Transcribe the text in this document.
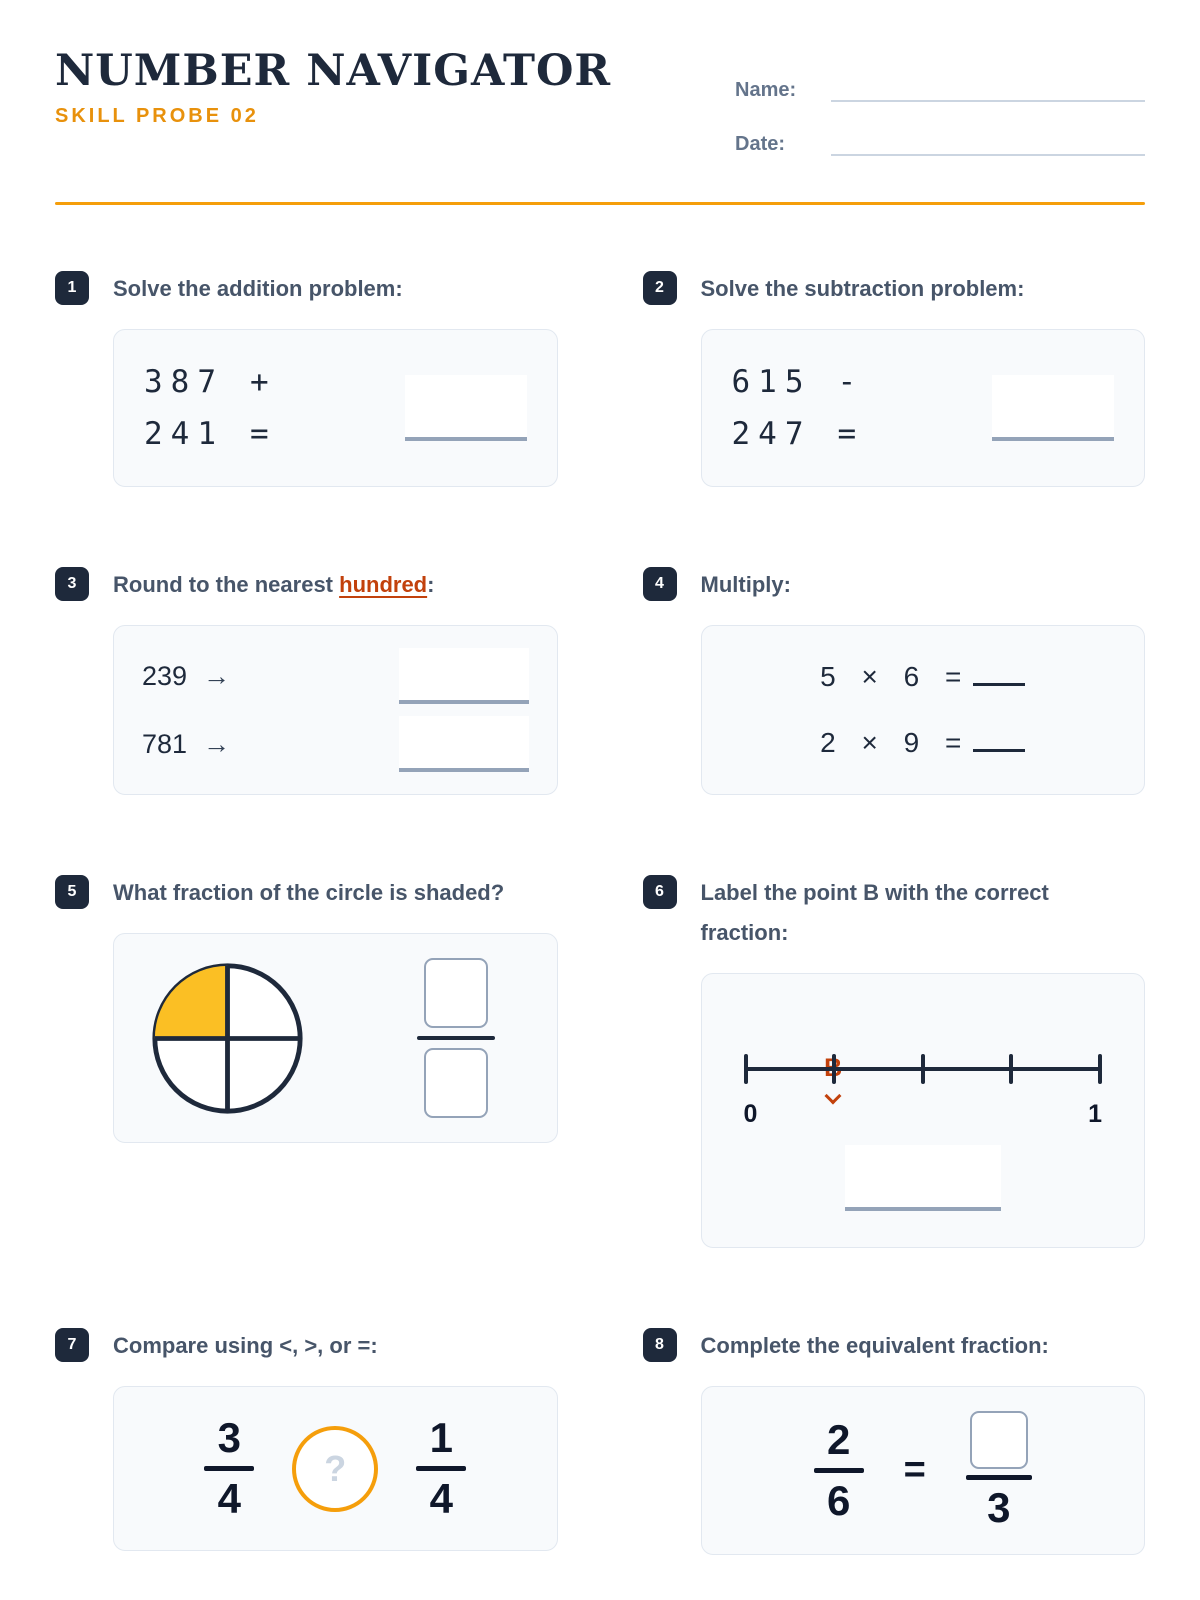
NUMBER NAVIGATOR
SKILL PROBE 02
Name:
Date:
1	Solve the addition problem:
387 +
241 =
2	Solve the subtraction problem:
615 -
247 =
3	Round to the nearest hundred:
239 →
781 →
4	Multiply:
5 × 6 =
2 × 9 =
5	What fraction of the circle is shaded?	6	Label the point B with the correct fraction:
0	1
7	Compare using <, >, or =:
3
4
?
1
4
8	Complete the equivalent fraction:
2
6
=
3
